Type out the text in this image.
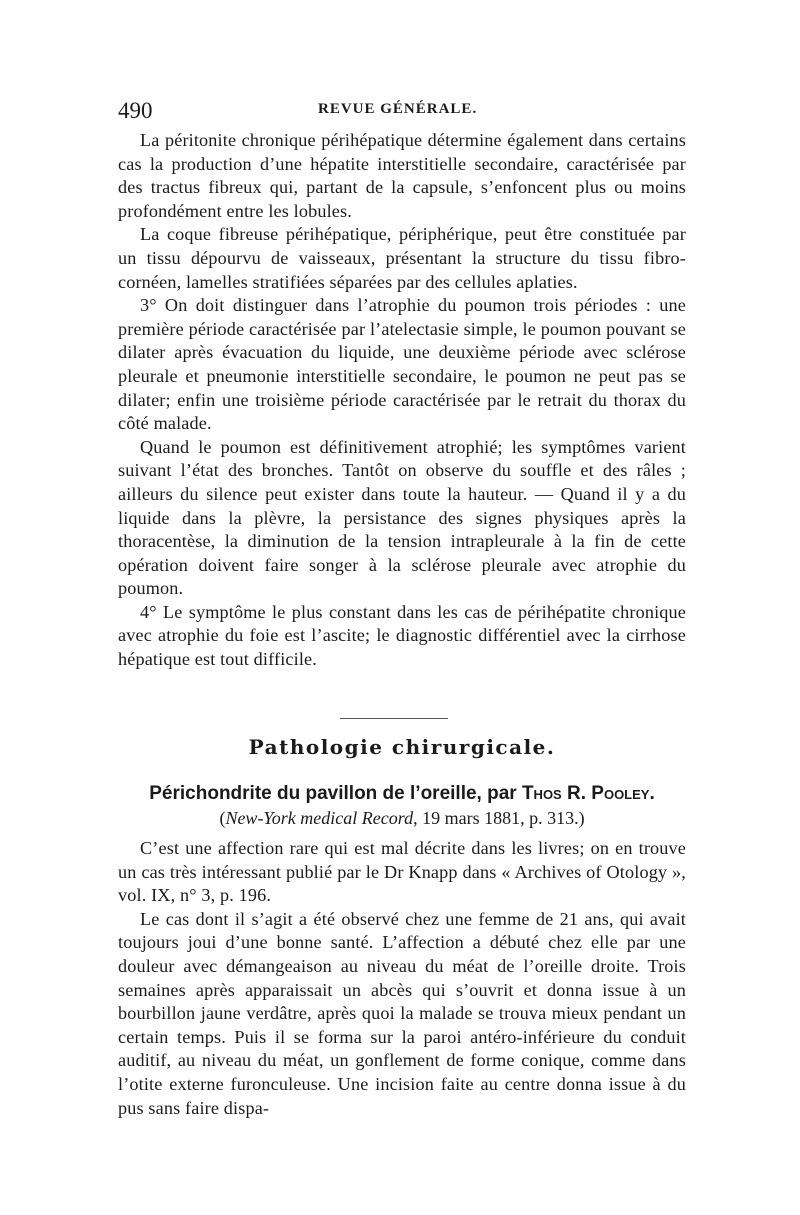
490	REVUE GÉNÉRALE.

La péritonite chronique périhépatique détermine également dans certains cas la production d’une hépatite interstitielle secondaire, caractérisée par des tractus fibreux qui, partant de la capsule, s’enfoncent plus ou moins profondément entre les lobules.

La coque fibreuse périhépatique, périphérique, peut être constituée par un tissu dépourvu de vaisseaux, présentant la structure du tissu fibro-cornéen, lamelles stratifiées séparées par des cellules aplaties.

3° On doit distinguer dans l’atrophie du poumon trois périodes : une première période caractérisée par l’atelectasie simple, le poumon pouvant se dilater après évacuation du liquide, une deuxième période avec sclérose pleurale et pneumonie interstitielle secondaire, le poumon ne peut pas se dilater; enfin une troisième période caractérisée par le retrait du thorax du côté malade.

Quand le poumon est définitivement atrophié; les symptômes varient suivant l’état des bronches. Tantôt on observe du souffle et des râles ; ailleurs du silence peut exister dans toute la hauteur. — Quand il y a du liquide dans la plèvre, la persistance des signes physiques après la thoracentèse, la diminution de la tension intrapleurale à la fin de cette opération doivent faire songer à la sclérose pleurale avec atrophie du poumon.

4° Le symptôme le plus constant dans les cas de périhépatite chronique avec atrophie du foie est l’ascite; le diagnostic différentiel avec la cirrhose hépatique est tout difficile.

Pathologie chirurgicale.
Périchondrite du pavillon de l’oreille, par Thos R. Pooley.
(New-York medical Record, 19 mars 1881, p. 313.)

C’est une affection rare qui est mal décrite dans les livres; on en trouve un cas très intéressant publié par le Dr Knapp dans « Archives of Otology », vol. IX, n° 3, p. 196.

Le cas dont il s’agit a été observé chez une femme de 21 ans, qui avait toujours joui d’une bonne santé. L’affection a débuté chez elle par une douleur avec démangeaison au niveau du méat de l’oreille droite. Trois semaines après apparaissait un abcès qui s’ouvrit et donna issue à un bourbillon jaune verdâtre, après quoi la malade se trouva mieux pendant un certain temps. Puis il se forma sur la paroi antéro-inférieure du conduit auditif, au niveau du méat, un gonflement de forme conique, comme dans l’otite externe furonculeuse. Une incision faite au centre donna issue à du pus sans faire dispa-
